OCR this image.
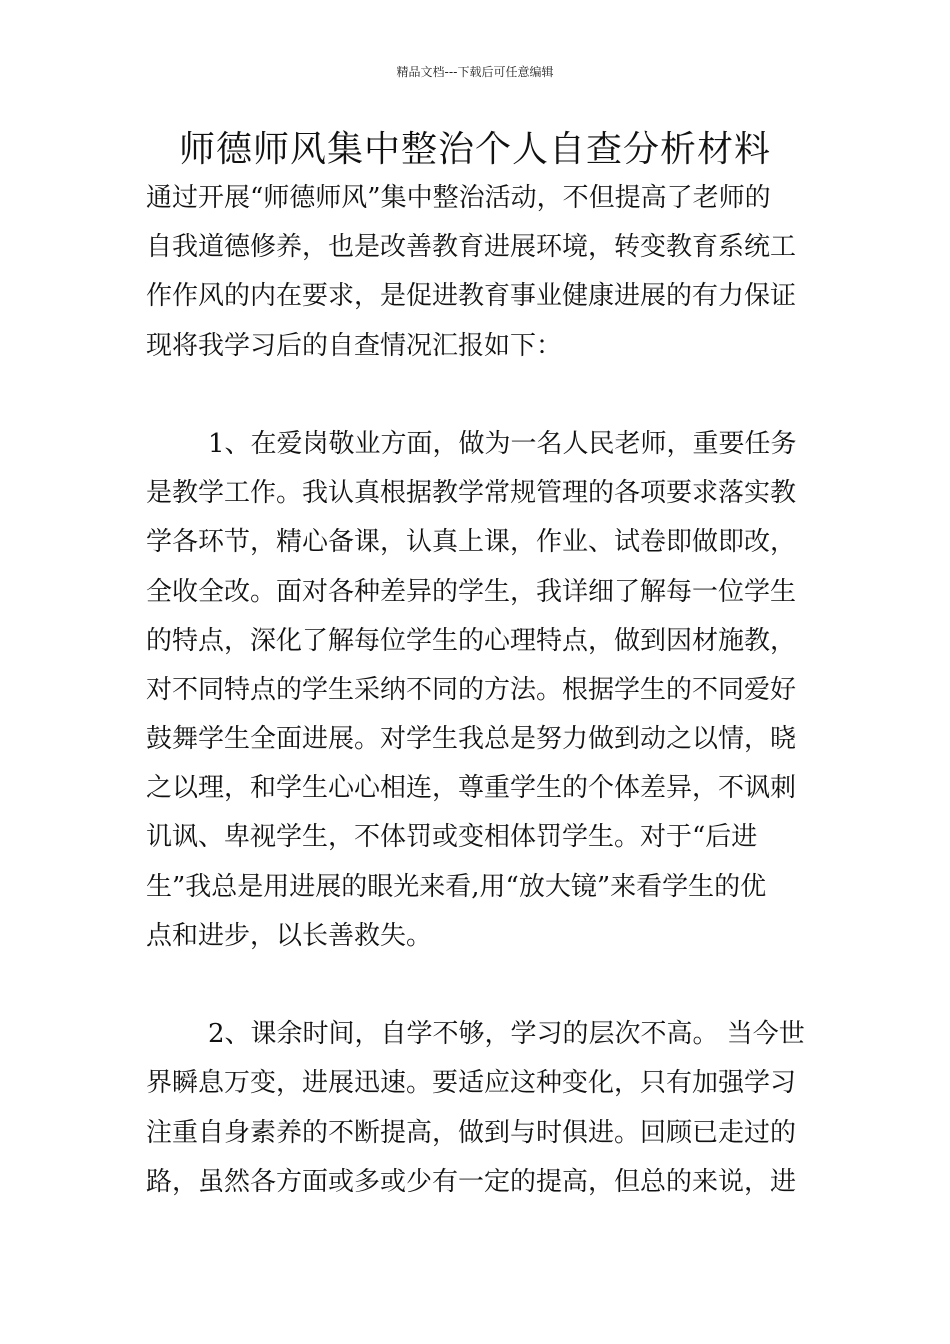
精品文档---下载后可任意编辑
师德师风集中整治个人自查分析材料
通过开展“师德师风”集中整治活动，不但提高了老师的
自我道德修养，也是改善教育进展环境，转变教育系统工
作作风的内在要求，是促进教育事业健康进展的有力保证
现将我学习后的自查情况汇报如下：
1、在爱岗敬业方面，做为一名人民老师，重要任务
是教学工作。我认真根据教学常规管理的各项要求落实教
学各环节，精心备课，认真上课，作业、试卷即做即改，
全收全改。面对各种差异的学生，我详细了解每一位学生
的特点，深化了解每位学生的心理特点，做到因材施教，
对不同特点的学生采纳不同的方法。根据学生的不同爱好
鼓舞学生全面进展。对学生我总是努力做到动之以情，晓
之以理，和学生心心相连，尊重学生的个体差异，不讽刺
讥讽、卑视学生，不体罚或变相体罚学生。对于“后进
生”我总是用进展的眼光来看,用“放大镜”来看学生的优
点和进步，以长善救失。
2、课余时间，自学不够，学习的层次不高。 当今世
界瞬息万变，进展迅速。要适应这种变化，只有加强学习
注重自身素养的不断提高，做到与时俱进。回顾已走过的
路，虽然各方面或多或少有一定的提高，但总的来说，进
